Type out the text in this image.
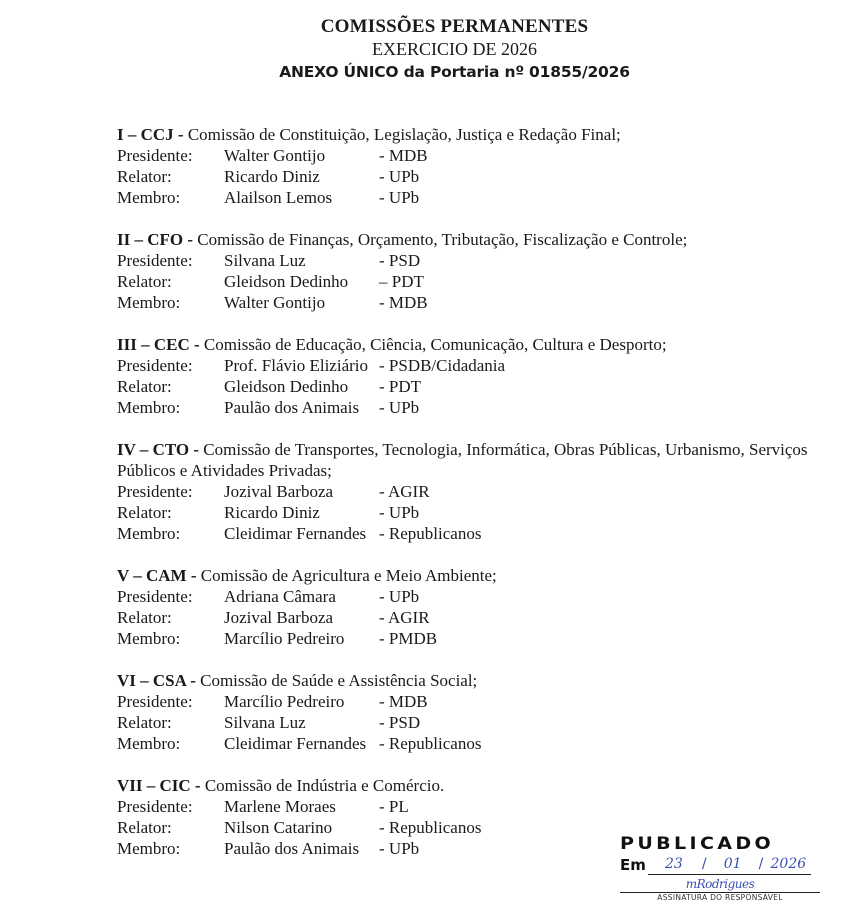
COMISSÕES PERMANENTES
EXERCICIO DE 2026
ANEXO ÚNICO da Portaria nº 01855/2026
I – CCJ - Comissão de Constituição, Legislação, Justiça e Redação Final;
Presidente:	Walter Gontijo	- MDB
Relator:	Ricardo Diniz	- UPb
Membro:	Alailson Lemos	- UPb
II – CFO - Comissão de Finanças, Orçamento, Tributação, Fiscalização e Controle;
Presidente:	Silvana Luz	- PSD
Relator:	Gleidson Dedinho	– PDT
Membro:	Walter Gontijo	- MDB
III – CEC - Comissão de Educação, Ciência, Comunicação, Cultura e Desporto;
Presidente:	Prof. Flávio Eliziário - PSDB/Cidadania
Relator:	Gleidson Dedinho	- PDT
Membro:	Paulão dos Animais	- UPb
IV – CTO - Comissão de Transportes, Tecnologia, Informática, Obras Públicas, Urbanismo, Serviços Públicos e Atividades Privadas;
Presidente:	Jozival Barboza	- AGIR
Relator:	Ricardo Diniz	- UPb
Membro:	Cleidimar Fernandes - Republicanos
V – CAM - Comissão de Agricultura e Meio Ambiente;
Presidente:	Adriana Câmara	- UPb
Relator:	Jozival Barboza	- AGIR
Membro:	Marcílio Pedreiro	- PMDB
VI – CSA - Comissão de Saúde e Assistência Social;
Presidente:	Marcílio Pedreiro	- MDB
Relator:	Silvana Luz	- PSD
Membro:	Cleidimar Fernandes - Republicanos
VII – CIC - Comissão de Indústria e Comércio.
Presidente:	Marlene Moraes	- PL
Relator:	Nilson Catarino	- Republicanos
Membro:	Paulão dos Animais	- UPb	PUBLICADO
Em	23	/	01	/ 2026
mRodrigues
ASSINATURA DO RESPONSÁVEL
